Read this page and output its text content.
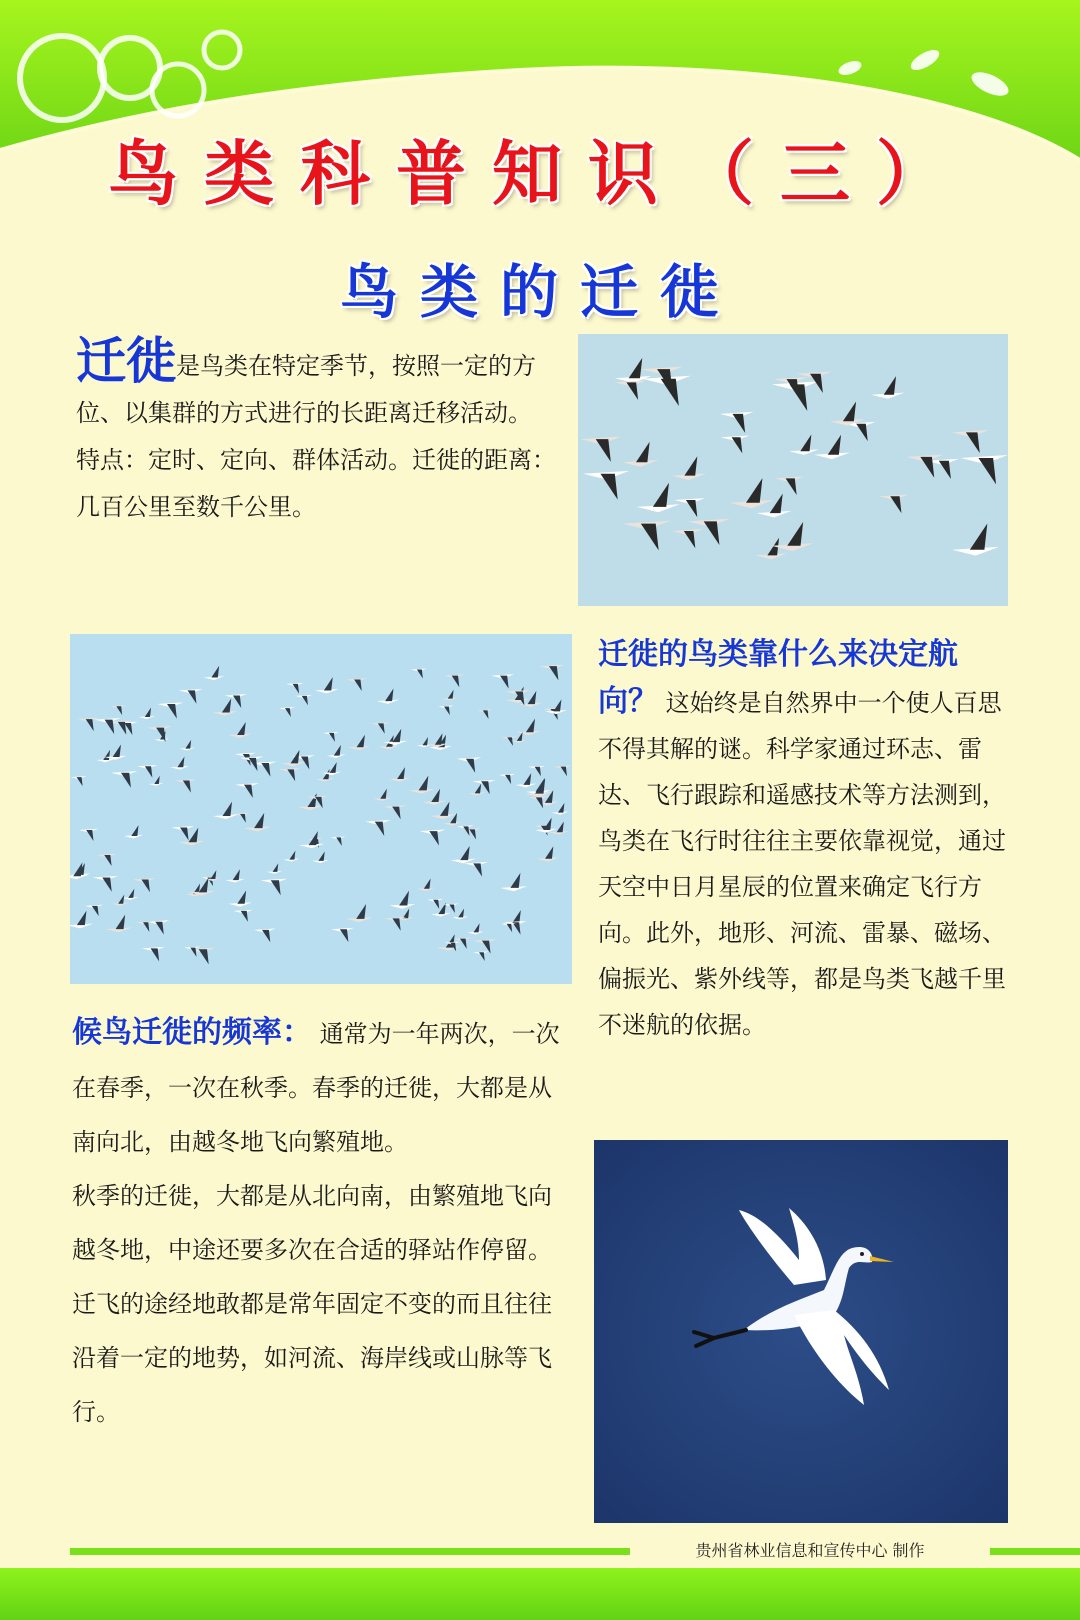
鸟类科普知识（三）
鸟类的迁徙

迁徙是鸟类在特定季节，按照一定的方位、以集群的方式进行的长距离迁移活动。

特点：定时、定向、群体活动。迁徙的距离：几百公里至数千公里。

迁徙的鸟类靠什么来决定航向？ 这始终是自然界中一个使人百思不得其解的谜。科学家通过环志、雷达、飞行跟踪和遥感技术等方法测到，鸟类在飞行时往往主要依靠视觉，通过天空中日月星辰的位置来确定飞行方向。此外，地形、河流、雷暴、磁场、偏振光、紫外线等，都是鸟类飞越千里不迷航的依据。

候鸟迁徙的频率： 通常为一年两次，一次在春季，一次在秋季。春季的迁徙，大都是从南向北，由越冬地飞向繁殖地。

秋季的迁徙，大都是从北向南，由繁殖地飞向越冬地，中途还要多次在合适的驿站作停留。

迁飞的途经地敢都是常年固定不变的而且往往沿着一定的地势，如河流、海岸线或山脉等飞行。

贵州省林业信息和宣传中心 制作
